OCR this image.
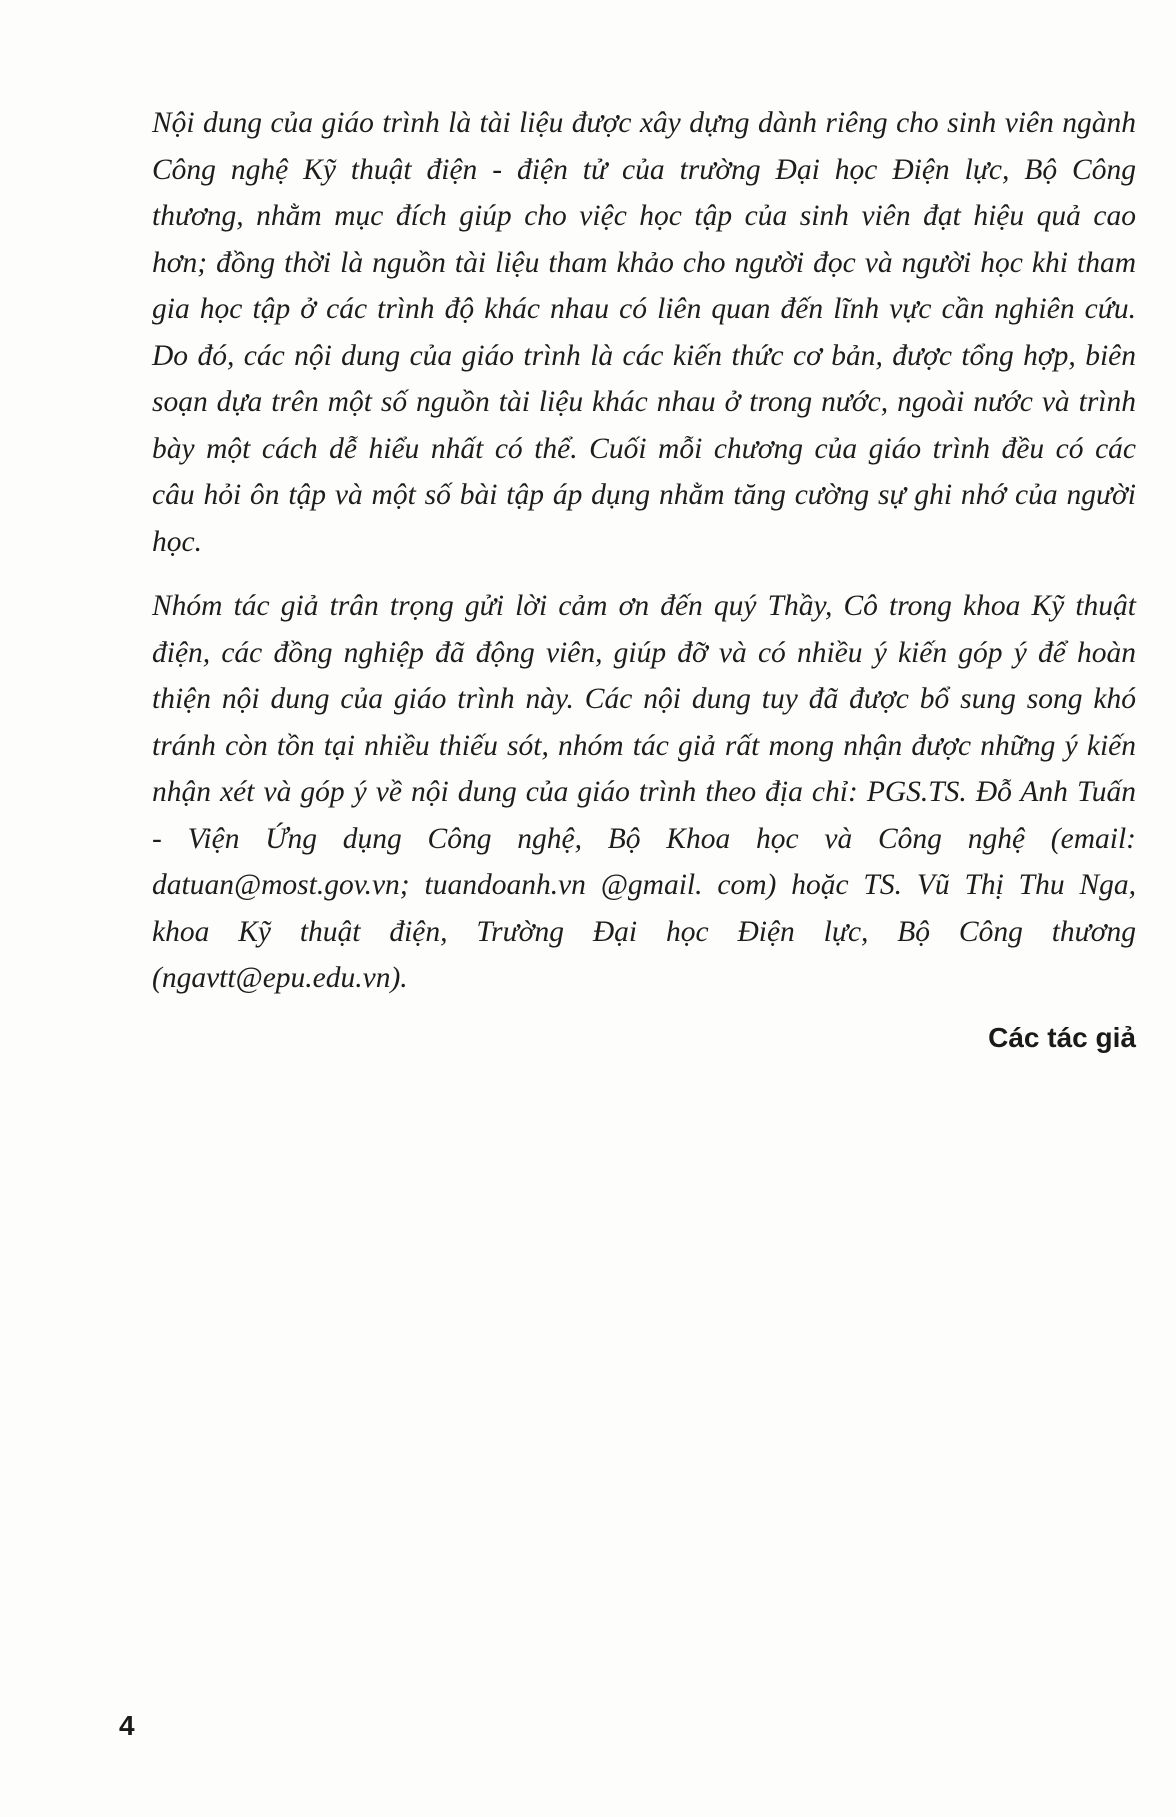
Nội dung của giáo trình là tài liệu được xây dựng dành riêng cho sinh viên ngành Công nghệ Kỹ thuật điện - điện tử của trường Đại học Điện lực, Bộ Công thương, nhằm mục đích giúp cho việc học tập của sinh viên đạt hiệu quả cao hơn; đồng thời là nguồn tài liệu tham khảo cho người đọc và người học khi tham gia học tập ở các trình độ khác nhau có liên quan đến lĩnh vực cần nghiên cứu. Do đó, các nội dung của giáo trình là các kiến thức cơ bản, được tổng hợp, biên soạn dựa trên một số nguồn tài liệu khác nhau ở trong nước, ngoài nước và trình bày một cách dễ hiểu nhất có thể. Cuối mỗi chương của giáo trình đều có các câu hỏi ôn tập và một số bài tập áp dụng nhằm tăng cường sự ghi nhớ của người học.

Nhóm tác giả trân trọng gửi lời cảm ơn đến quý Thầy, Cô trong khoa Kỹ thuật điện, các đồng nghiệp đã động viên, giúp đỡ và có nhiều ý kiến góp ý để hoàn thiện nội dung của giáo trình này. Các nội dung tuy đã được bổ sung song khó tránh còn tồn tại nhiều thiếu sót, nhóm tác giả rất mong nhận được những ý kiến nhận xét và góp ý về nội dung của giáo trình theo địa chỉ: PGS.TS. Đỗ Anh Tuấn - Viện Ứng dụng Công nghệ, Bộ Khoa học và Công nghệ (email: datuan@most.gov.vn; tuandoanh.vn @gmail. com) hoặc TS. Vũ Thị Thu Nga, khoa Kỹ thuật điện, Trường Đại học Điện lực, Bộ Công thương (ngavtt@epu.edu.vn).

Các tác giả

4
